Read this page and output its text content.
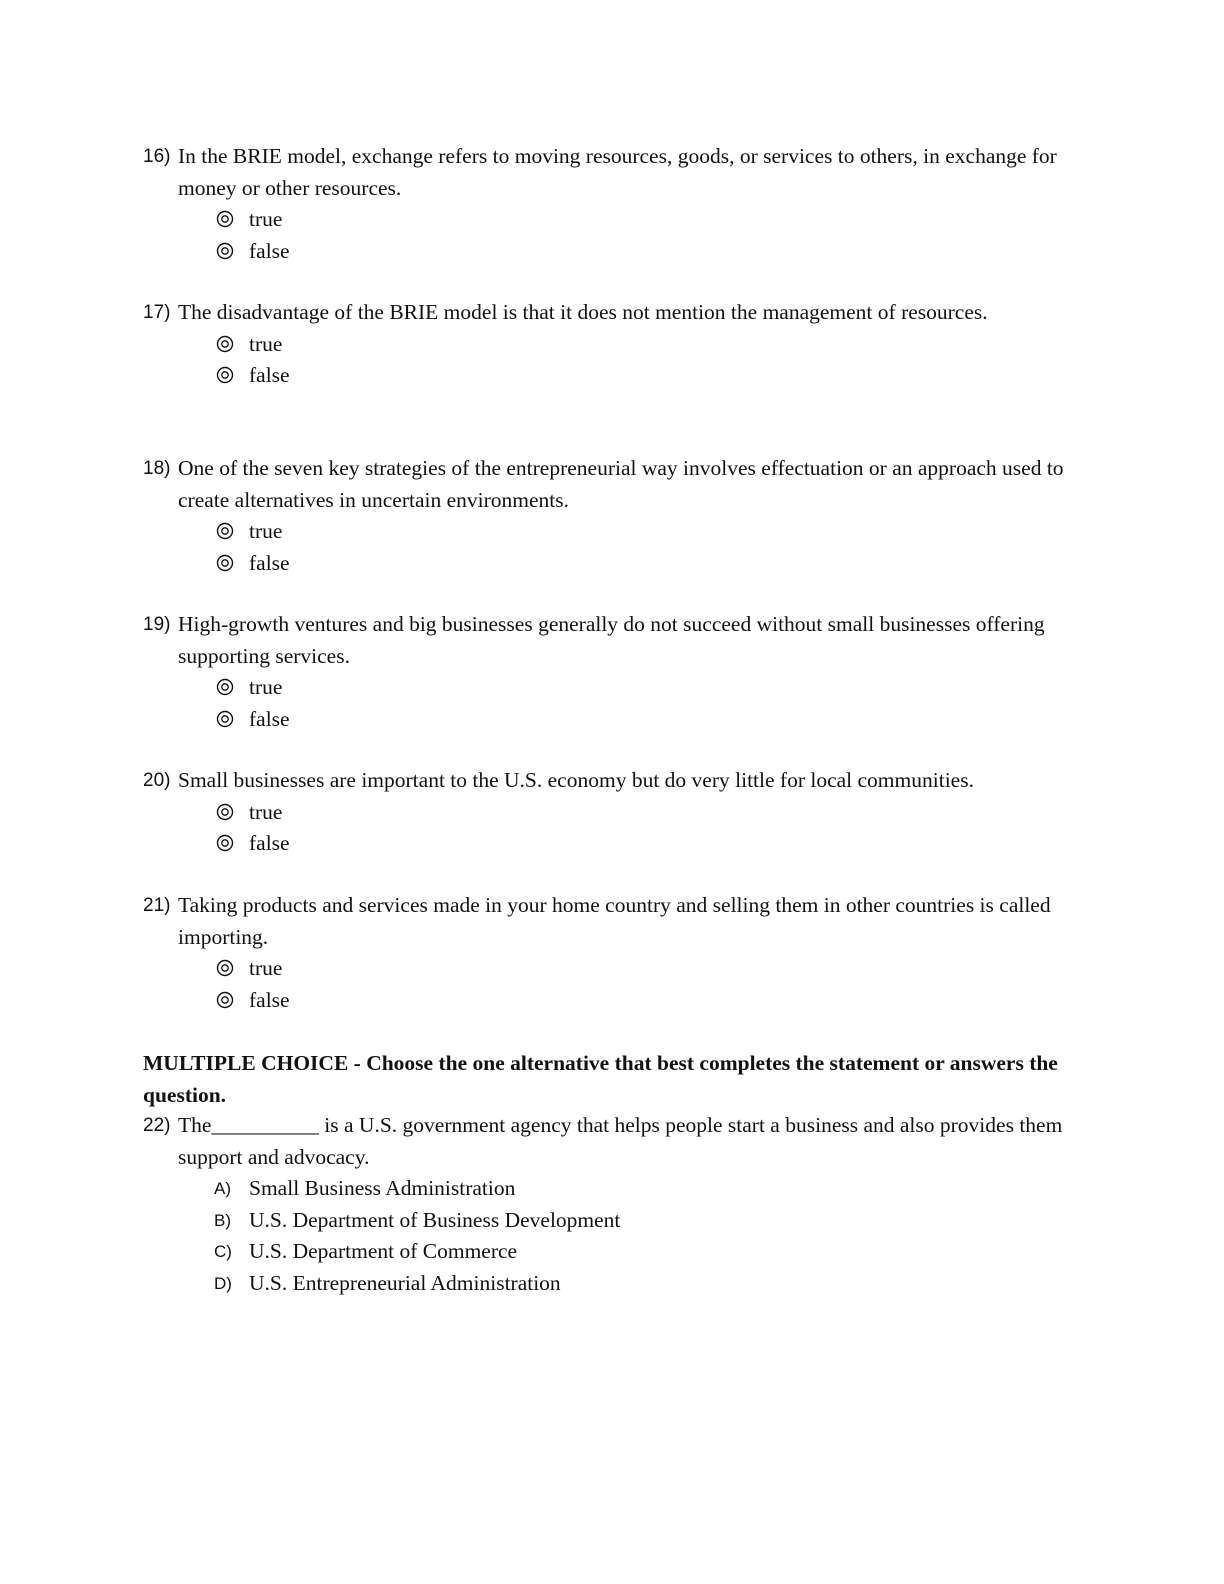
16) In the BRIE model, exchange refers to moving resources, goods, or services to others, in exchange for money or other resources.
true
false
17) The disadvantage of the BRIE model is that it does not mention the management of resources.
true
false
18) One of the seven key strategies of the entrepreneurial way involves effectuation or an approach used to create alternatives in uncertain environments.
true
false
19) High-growth ventures and big businesses generally do not succeed without small businesses offering supporting services.
true
false
20) Small businesses are important to the U.S. economy but do very little for local communities.
true
false
21) Taking products and services made in your home country and selling them in other countries is called importing.
true
false
MULTIPLE CHOICE - Choose the one alternative that best completes the statement or answers the question.
22) The__________ is a U.S. government agency that helps people start a business and also provides them support and advocacy.
A) Small Business Administration
B) U.S. Department of Business Development
C) U.S. Department of Commerce
D) U.S. Entrepreneurial Administration
